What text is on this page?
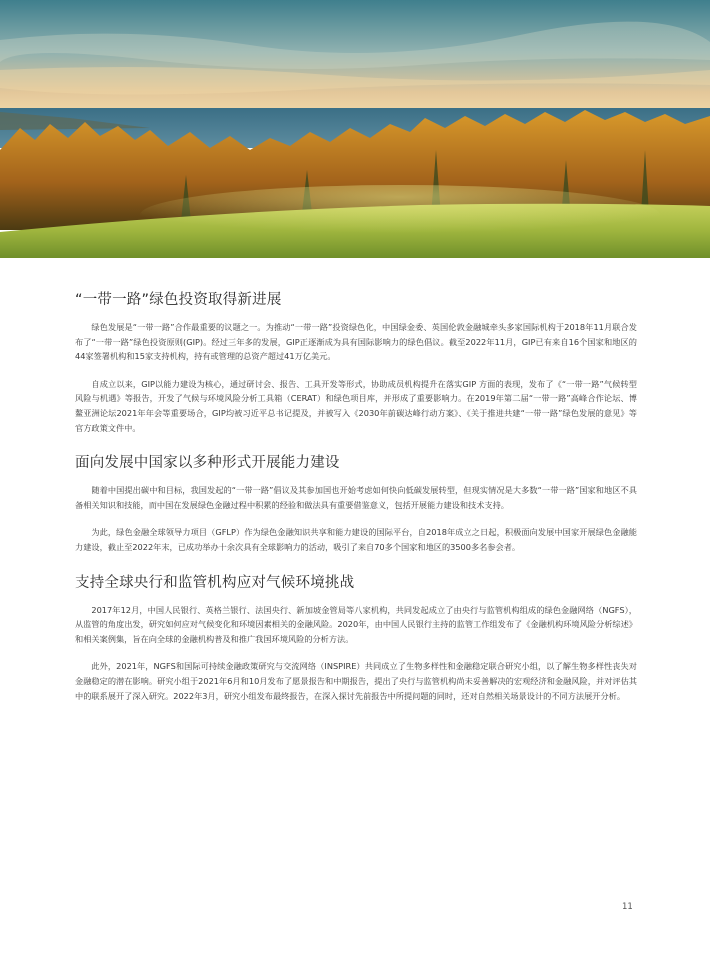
“一带一路”绿色投资取得新进展

绿色发展是“一带一路”合作最重要的议题之一。为推动“一带一路”投资绿色化，中国绿金委、英国伦敦金融城牵头多家国际机构于2018年11月联合发布了“一带一路”绿色投资原则(GIP)。经过三年多的发展，GIP正逐渐成为具有国际影响力的绿色倡议。截至2022年11月，GIP已有来自16个国家和地区的44家签署机构和15家支持机构，持有或管理的总资产超过41万亿美元。

自成立以来，GIP以能力建设为核心，通过研讨会、报告、工具开发等形式，协助成员机构提升在落实GIP 方面的表现，发布了《“一带一路”气候转型风险与机遇》等报告，开发了气候与环境风险分析工具箱（CERAT）和绿色项目库，并形成了重要影响力。在2019年第二届“一带一路”高峰合作论坛、博鳌亚洲论坛2021年年会等重要场合，GIP均被习近平总书记提及，并被写入《2030年前碳达峰行动方案》、《关于推进共建“一带一路”绿色发展的意见》等官方政策文件中。

面向发展中国家以多种形式开展能力建设

随着中国提出碳中和目标，我国发起的“一带一路”倡议及其参加国也开始考虑如何快向低碳发展转型，但现实情况是大多数“一带一路”国家和地区不具备相关知识和技能，而中国在发展绿色金融过程中积累的经验和做法具有重要借鉴意义，包括开展能力建设和技术支持。

为此，绿色金融全球领导力项目（GFLP）作为绿色金融知识共享和能力建设的国际平台，自2018年成立之日起，积极面向发展中国家开展绿色金融能力建设，截止至2022年末，已成功举办十余次具有全球影响力的活动，吸引了来自70多个国家和地区的3500多名参会者。

支持全球央行和监管机构应对气候环境挑战

2017年12月，中国人民银行、英格兰银行、法国央行、新加坡金管局等八家机构，共同发起成立了由央行与监管机构组成的绿色金融网络（NGFS），从监管的角度出发，研究如何应对气候变化和环境因素相关的金融风险。2020年，由中国人民银行主持的监管工作组发布了《金融机构环境风险分析综述》和相关案例集，旨在向全球的金融机构普及和推广我国环境风险的分析方法。

此外，2021年，NGFS和国际可持续金融政策研究与交流网络（INSPIRE）共同成立了生物多样性和金融稳定联合研究小组，以了解生物多样性丧失对金融稳定的潜在影响。研究小组于2021年6月和10月发布了愿景报告和中期报告，提出了央行与监管机构尚未妥善解决的宏观经济和金融风险，并对评估其中的联系展开了深入研究。2022年3月，研究小组发布最终报告，在深入探讨先前报告中所提问题的同时，还对自然相关场景设计的不同方法展开分析。

11
